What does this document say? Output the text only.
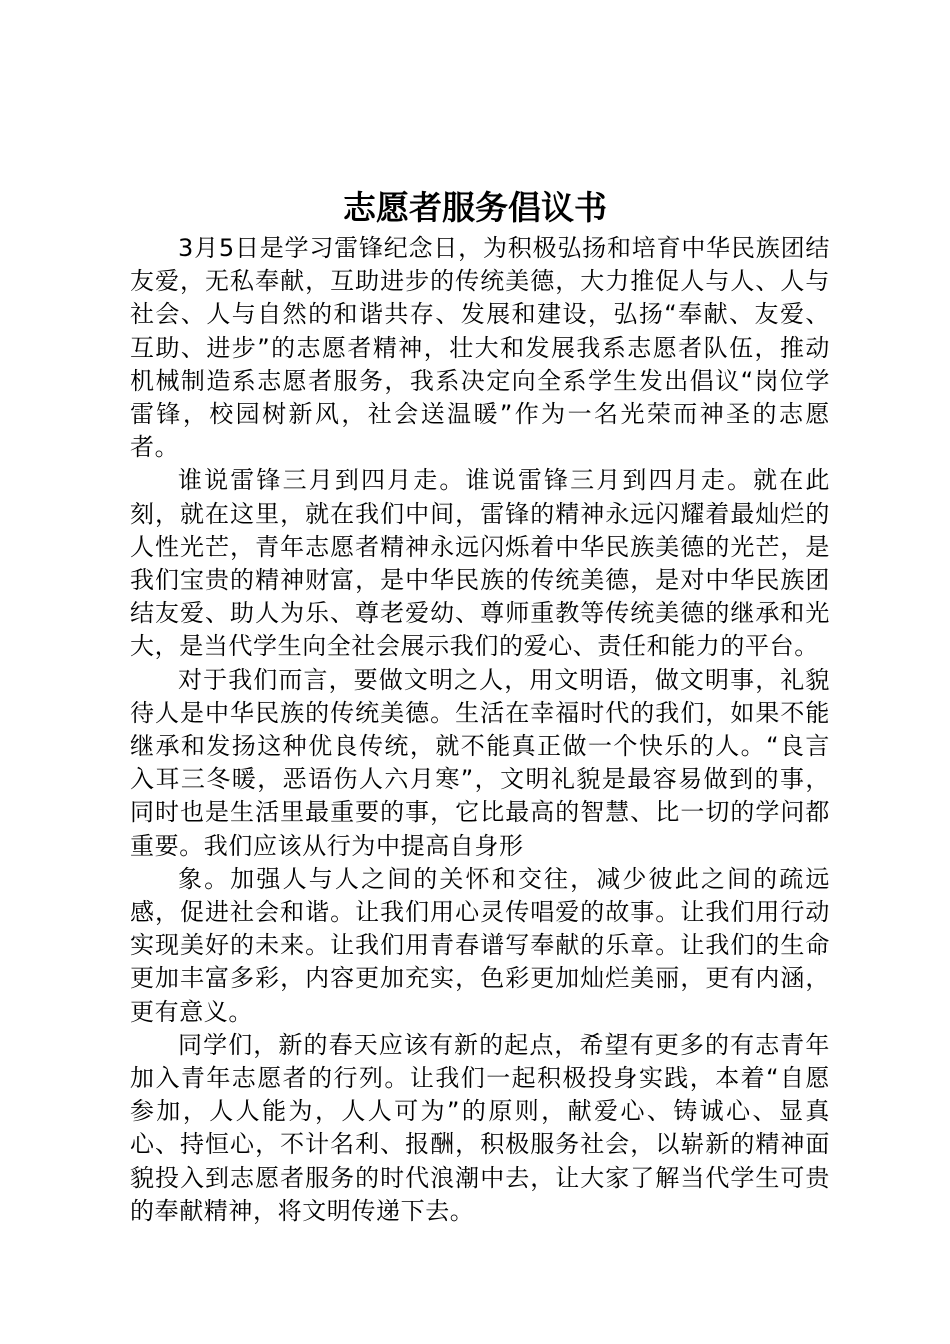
志愿者服务倡议书

3月5日是学习雷锋纪念日，为积极弘扬和培育中华民族团结友爱，无私奉献，互助进步的传统美德，大力推促人与人、人与社会、人与自然的和谐共存、发展和建设，弘扬“奉献、友爱、互助、进步”的志愿者精神，壮大和发展我系志愿者队伍，推动机械制造系志愿者服务，我系决定向全系学生发出倡议“岗位学雷锋，校园树新风，社会送温暖”作为一名光荣而神圣的志愿者。

谁说雷锋三月到四月走。谁说雷锋三月到四月走。就在此刻，就在这里，就在我们中间，雷锋的精神永远闪耀着最灿烂的人性光芒，青年志愿者精神永远闪烁着中华民族美德的光芒，是我们宝贵的精神财富，是中华民族的传统美德，是对中华民族团结友爱、助人为乐、尊老爱幼、尊师重教等传统美德的继承和光大，是当代学生向全社会展示我们的爱心、责任和能力的平台。

对于我们而言，要做文明之人，用文明语，做文明事，礼貌待人是中华民族的传统美德。生活在幸福时代的我们，如果不能继承和发扬这种优良传统，就不能真正做一个快乐的人。“良言入耳三冬暖，恶语伤人六月寒”，文明礼貌是最容易做到的事，同时也是生活里最重要的事，它比最高的智慧、比一切的学问都重要。我们应该从行为中提高自身形

象。加强人与人之间的关怀和交往，减少彼此之间的疏远感，促进社会和谐。让我们用心灵传唱爱的故事。让我们用行动实现美好的未来。让我们用青春谱写奉献的乐章。让我们的生命更加丰富多彩，内容更加充实，色彩更加灿烂美丽，更有内涵，更有意义。

同学们，新的春天应该有新的起点，希望有更多的有志青年加入青年志愿者的行列。让我们一起积极投身实践，本着“自愿参加，人人能为，人人可为”的原则，献爱心、铸诚心、显真心、持恒心，不计名利、报酬，积极服务社会，以崭新的精神面貌投入到志愿者服务的时代浪潮中去，让大家了解当代学生可贵的奉献精神，将文明传递下去。
